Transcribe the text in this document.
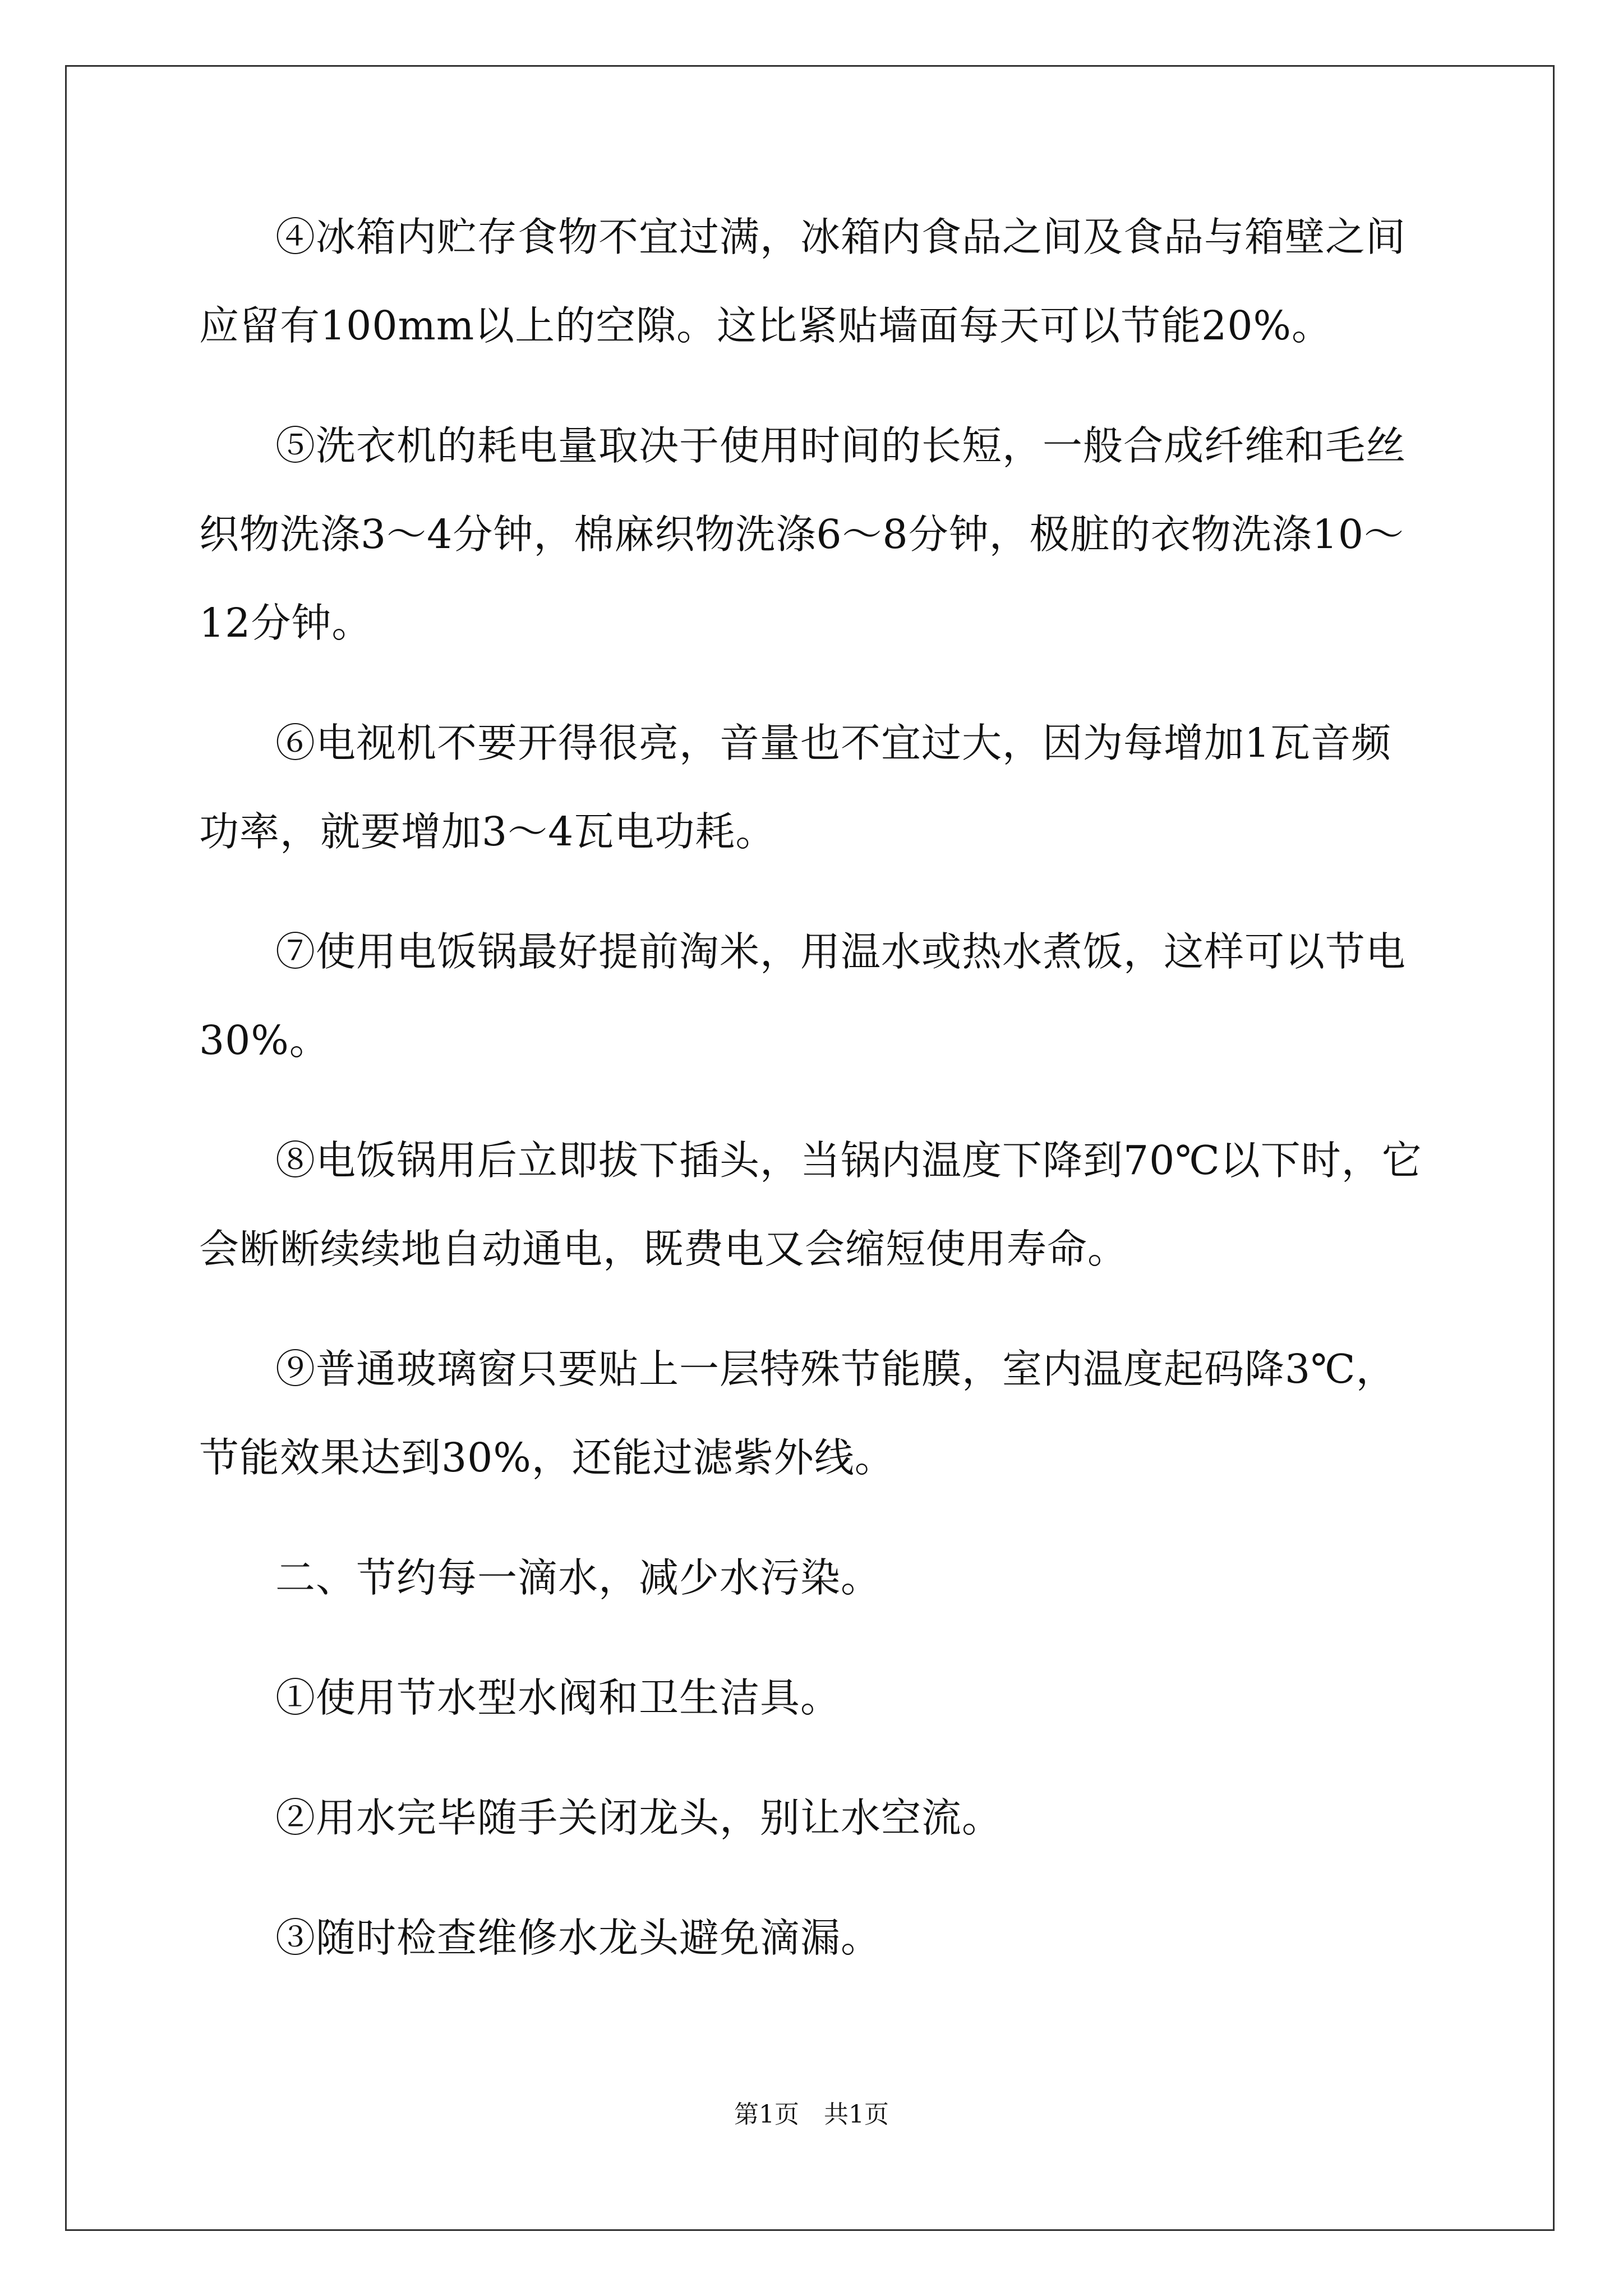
④冰箱内贮存食物不宜过满，冰箱内食品之间及食品与箱壁之间
应留有100mm以上的空隙。这比紧贴墙面每天可以节能20%。
⑤洗衣机的耗电量取决于使用时间的长短，一般合成纤维和毛丝
织物洗涤3～4分钟，棉麻织物洗涤6～8分钟，极脏的衣物洗涤10～
12分钟。
⑥电视机不要开得很亮，音量也不宜过大，因为每增加1瓦音频
功率，就要增加3～4瓦电功耗。
⑦使用电饭锅最好提前淘米，用温水或热水煮饭，这样可以节电
30%。
⑧电饭锅用后立即拔下插头，当锅内温度下降到70℃以下时，它
会断断续续地自动通电，既费电又会缩短使用寿命。
⑨普通玻璃窗只要贴上一层特殊节能膜，室内温度起码降3℃，
节能效果达到30%，还能过滤紫外线。
二、节约每一滴水，减少水污染。
①使用节水型水阀和卫生洁具。
②用水完毕随手关闭龙头，别让水空流。
③随时检查维修水龙头避免滴漏。
第1页　共1页
